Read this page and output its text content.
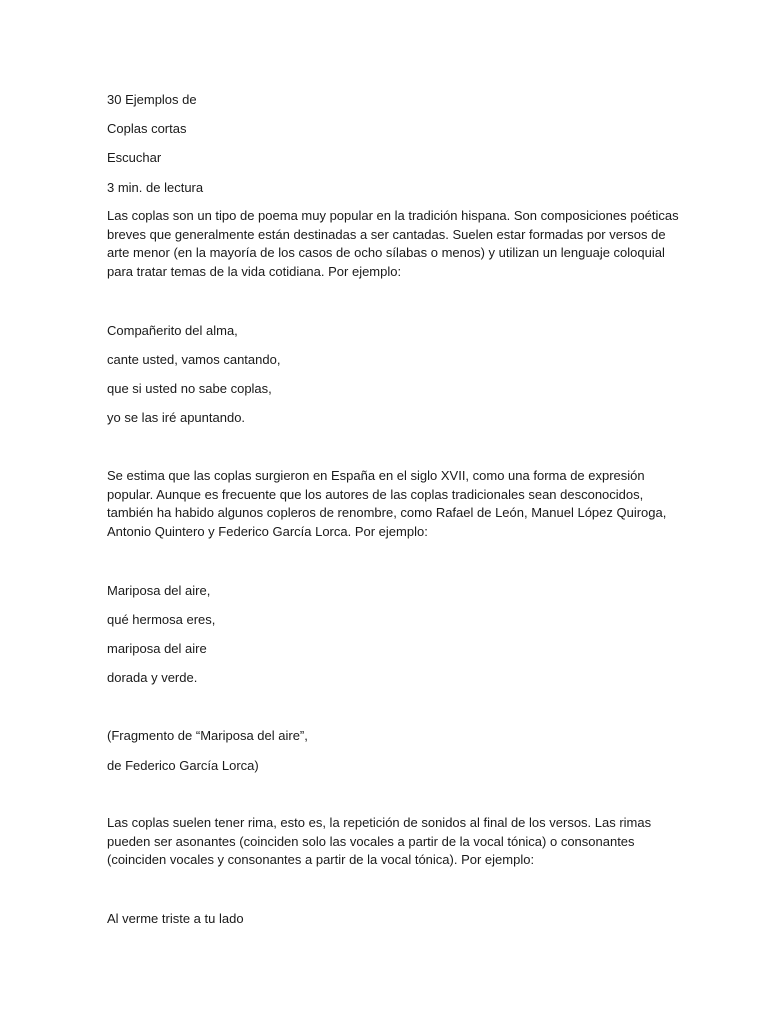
30 Ejemplos de

Coplas cortas

Escuchar

3 min. de lectura

Las coplas son un tipo de poema muy popular en la tradición hispana. Son composiciones poéticas
breves que generalmente están destinadas a ser cantadas. Suelen estar formadas por versos de
arte menor (en la mayoría de los casos de ocho sílabas o menos) y utilizan un lenguaje coloquial
para tratar temas de la vida cotidiana. Por ejemplo:

Compañerito del alma,

cante usted, vamos cantando,

que si usted no sabe coplas,

yo se las iré apuntando.

Se estima que las coplas surgieron en España en el siglo XVII, como una forma de expresión
popular. Aunque es frecuente que los autores de las coplas tradicionales sean desconocidos,
también ha habido algunos copleros de renombre, como Rafael de León, Manuel López Quiroga,
Antonio Quintero y Federico García Lorca. Por ejemplo:

Mariposa del aire,

qué hermosa eres,

mariposa del aire

dorada y verde.

(Fragmento de “Mariposa del aire”,

de Federico García Lorca)

Las coplas suelen tener rima, esto es, la repetición de sonidos al final de los versos. Las rimas
pueden ser asonantes (coinciden solo las vocales a partir de la vocal tónica) o consonantes
(coinciden vocales y consonantes a partir de la vocal tónica). Por ejemplo:

Al verme triste a tu lado
